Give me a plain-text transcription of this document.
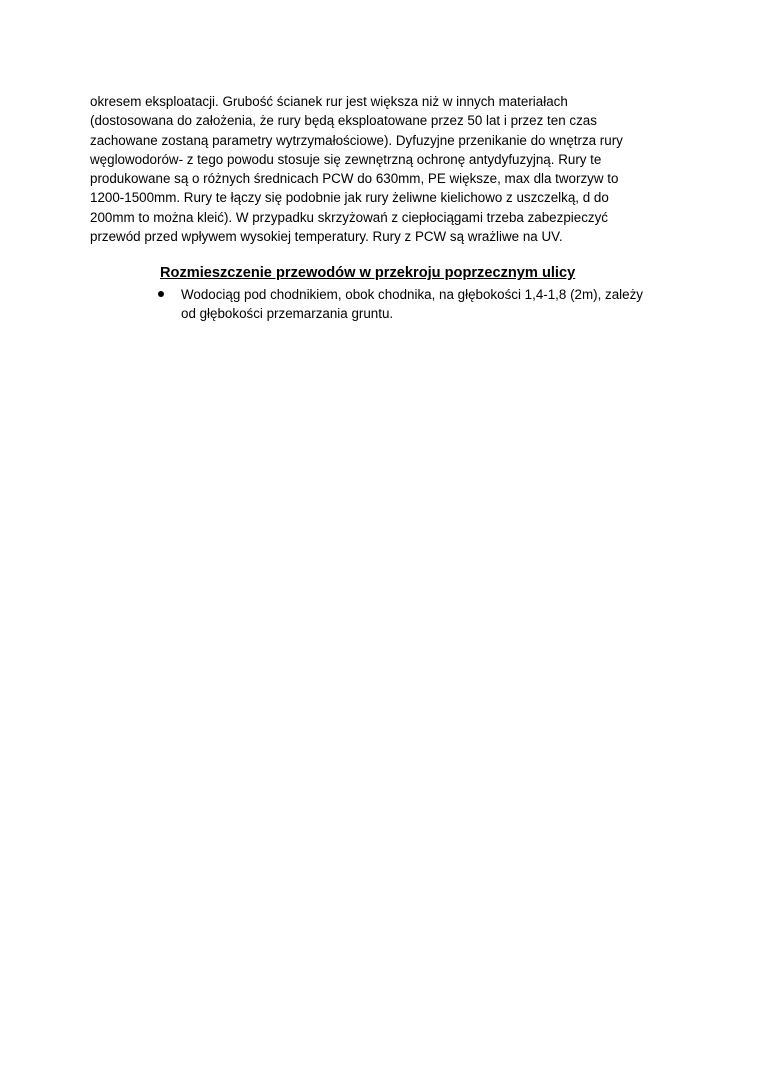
okresem eksploatacji. Grubość ścianek rur jest większa niż w innych materiałach
(dostosowana do założenia, że rury będą eksploatowane przez 50 lat i przez ten czas
zachowane zostaną parametry wytrzymałościowe). Dyfuzyjne przenikanie do wnętrza rury
węglowodorów- z tego powodu stosuje się zewnętrzną ochronę antydyfuzyjną. Rury te
produkowane są o różnych średnicach PCW do 630mm, PE większe, max dla tworzyw to
1200-1500mm. Rury te łączy się podobnie jak rury żeliwne kielichowo z uszczelką, d do
200mm to można kleić). W przypadku skrzyżowań z ciepłociągami trzeba zabezpieczyć
przewód przed wpływem wysokiej temperatury. Rury z PCW są wrażliwe na UV.

Rozmieszczenie przewodów w przekroju poprzecznym ulicy
Wodociąg pod chodnikiem, obok chodnika, na głębokości 1,4-1,8 (2m), zależy
od głębokości przemarzania gruntu.
